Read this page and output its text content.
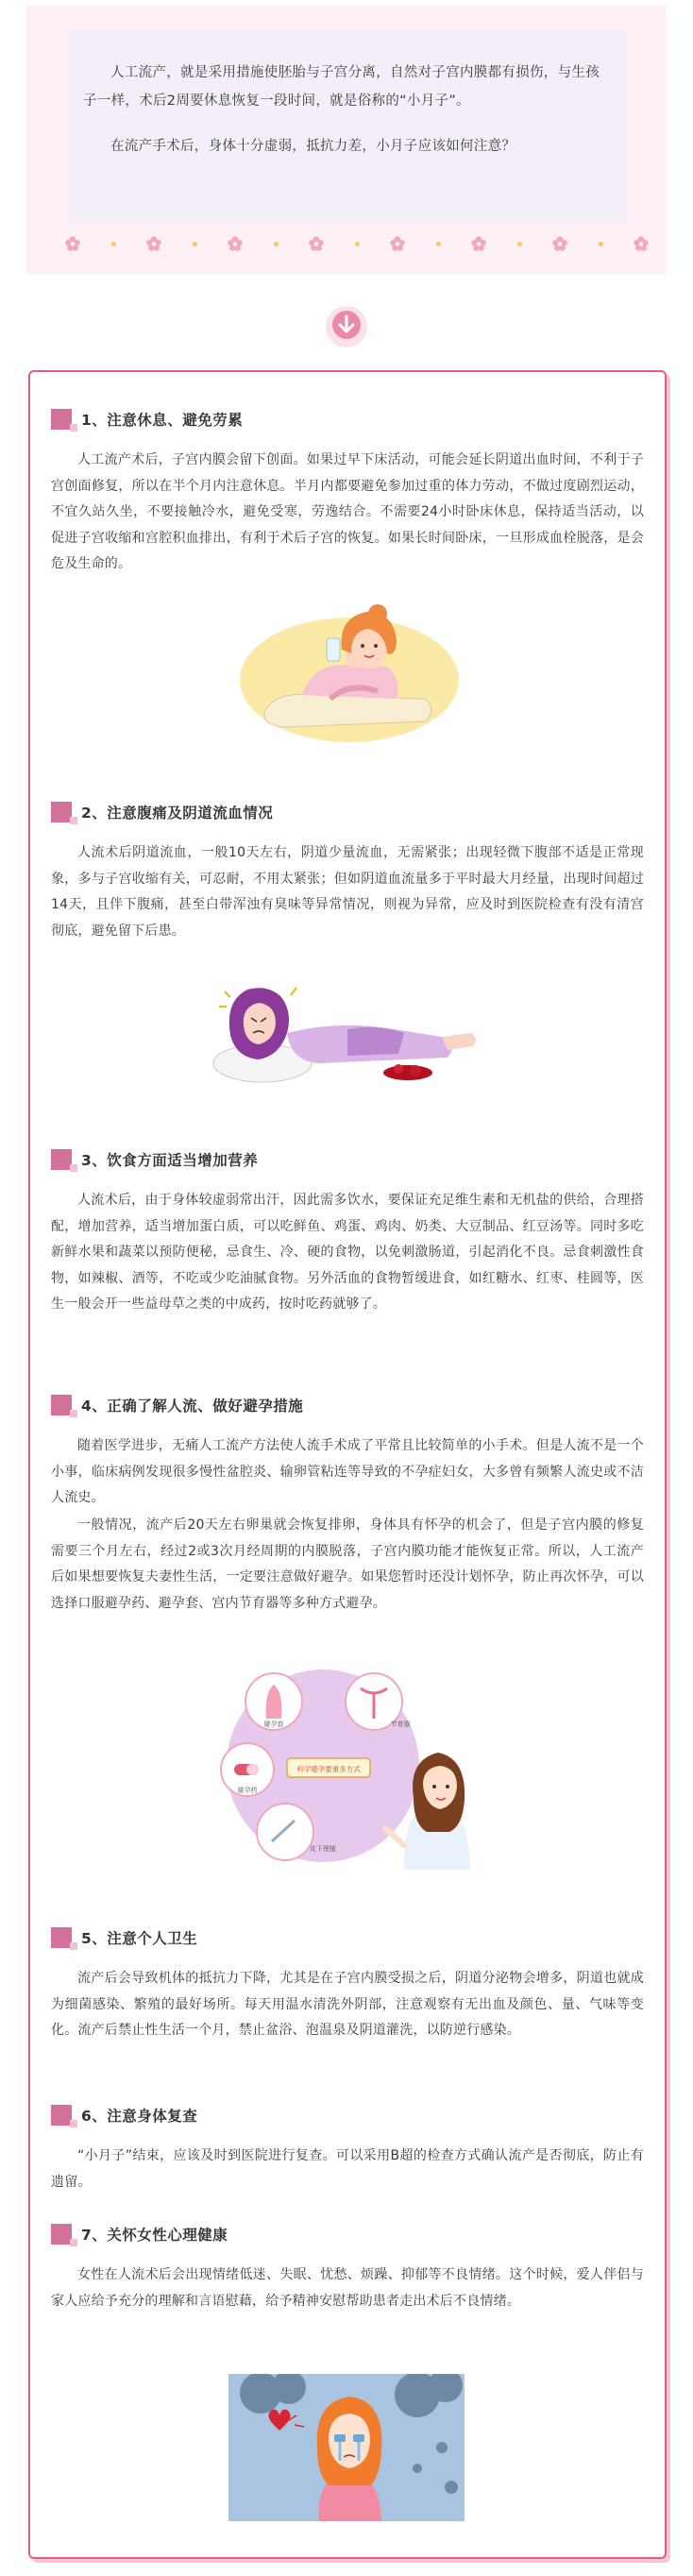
人工流产，就是采用措施使胚胎与子宫分离，自然对子宫内膜都有损伤，与生孩子一样，术后2周要休息恢复一段时间，就是俗称的“小月子”。

在流产手术后，身体十分虚弱，抵抗力差，小月子应该如何注意？

1、注意休息、避免劳累

人工流产术后，子宫内膜会留下创面。如果过早下床活动，可能会延长阴道出血时间，不利于子宫创面修复，所以在半个月内注意休息。半月内都要避免参加过重的体力劳动，不做过度剧烈运动，不宜久站久坐，不要接触冷水，避免受寒，劳逸结合。不需要24小时卧床休息，保持适当活动，以促进子宫收缩和宫腔积血排出，有利于术后子宫的恢复。如果长时间卧床，一旦形成血栓脱落，是会危及生命的。

2、注意腹痛及阴道流血情况

人流术后阴道流血，一般10天左右，阴道少量流血，无需紧张；出现轻微下腹部不适是正常现象，多与子宫收缩有关，可忍耐，不用太紧张；但如阴道血流量多于平时最大月经量，出现时间超过14天，且伴下腹痛，甚至白带浑浊有臭味等异常情况，则视为异常，应及时到医院检查有没有清宫彻底，避免留下后患。

3、饮食方面适当增加营养

人流术后，由于身体较虚弱常出汗，因此需多饮水，要保证充足维生素和无机盐的供给，合理搭配，增加营养，适当增加蛋白质，可以吃鲜鱼、鸡蛋、鸡肉、奶类、大豆制品、红豆汤等。同时多吃新鲜水果和蔬菜以预防便秘，忌食生、冷、硬的食物，以免刺激肠道，引起消化不良。忌食刺激性食物，如辣椒、酒等，不吃或少吃油腻食物。另外活血的食物暂缓进食，如红糖水、红枣、桂圆等，医生一般会开一些益母草之类的中成药，按时吃药就够了。

4、正确了解人流、做好避孕措施

随着医学进步，无痛人工流产方法使人流手术成了平常且比较简单的小手术。但是人流不是一个小事，临床病例发现很多慢性盆腔炎、输卵管粘连等导致的不孕症妇女，大多曾有频繁人流史或不洁人流史。

一般情况，流产后20天左右卵巢就会恢复排卵，身体具有怀孕的机会了，但是子宫内膜的修复需要三个月左右，经过2或3次月经周期的内膜脱落，子宫内膜功能才能恢复正常。所以，人工流产后如果想要恢复夫妻性生活，一定要注意做好避孕。如果您暂时还没计划怀孕，防止再次怀孕，可以选择口服避孕药、避孕套、宫内节育器等多种方式避孕。

避孕套	节育器
避孕药
科学避孕要重多方式
皮下埋植
5、注意个人卫生

流产后会导致机体的抵抗力下降，尤其是在子宫内膜受损之后，阴道分泌物会增多，阴道也就成为细菌感染、繁殖的最好场所。每天用温水清洗外阴部，注意观察有无出血及颜色、量、气味等变化。流产后禁止性生活一个月，禁止盆浴、泡温泉及阴道灌洗，以防逆行感染。

6、注意身体复查

“小月子”结束，应该及时到医院进行复查。可以采用B超的检查方式确认流产是否彻底，防止有遗留。

7、关怀女性心理健康

女性在人流术后会出现情绪低迷、失眠、忧愁、烦躁、抑郁等不良情绪。这个时候，爱人伴侣与家人应给予充分的理解和言语慰藉，给予精神安慰帮助患者走出术后不良情绪。
